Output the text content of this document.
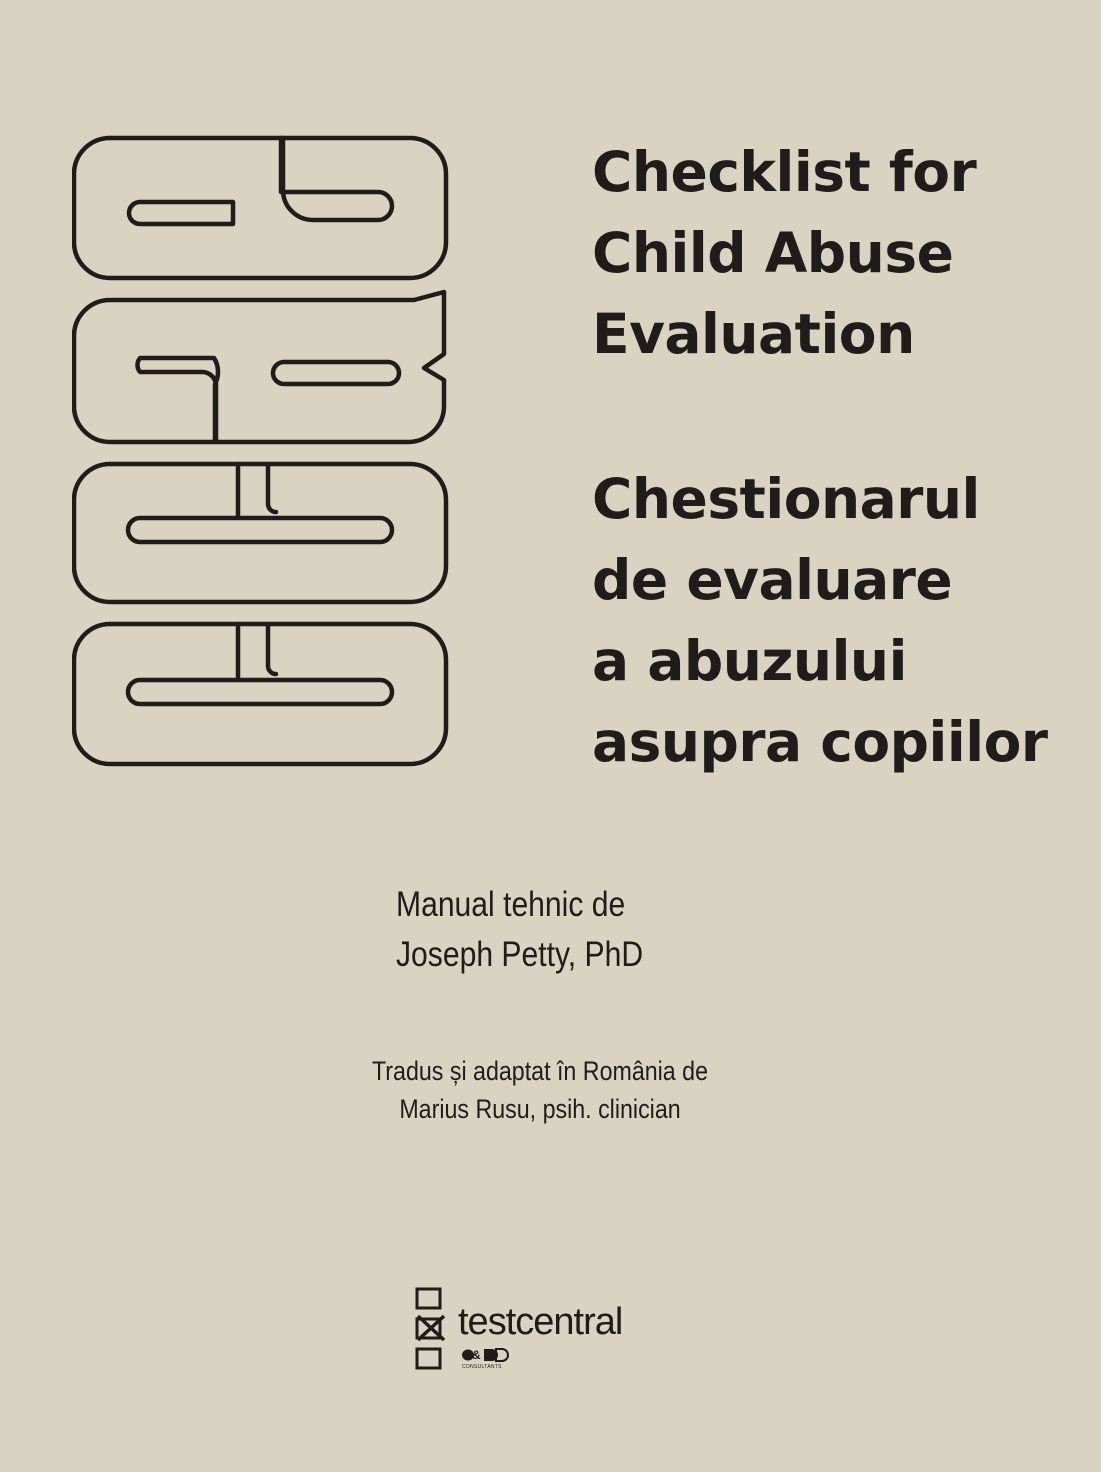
Checklist for
Child Abuse
Evaluation
Chestionarul
de evaluare
a abuzului
asupra copiilor
Manual tehnic de
Joseph Petty, PhD
Tradus și adaptat în România de
Marius Rusu, psih. clinician
testcentral
&
CONSULTANTS
